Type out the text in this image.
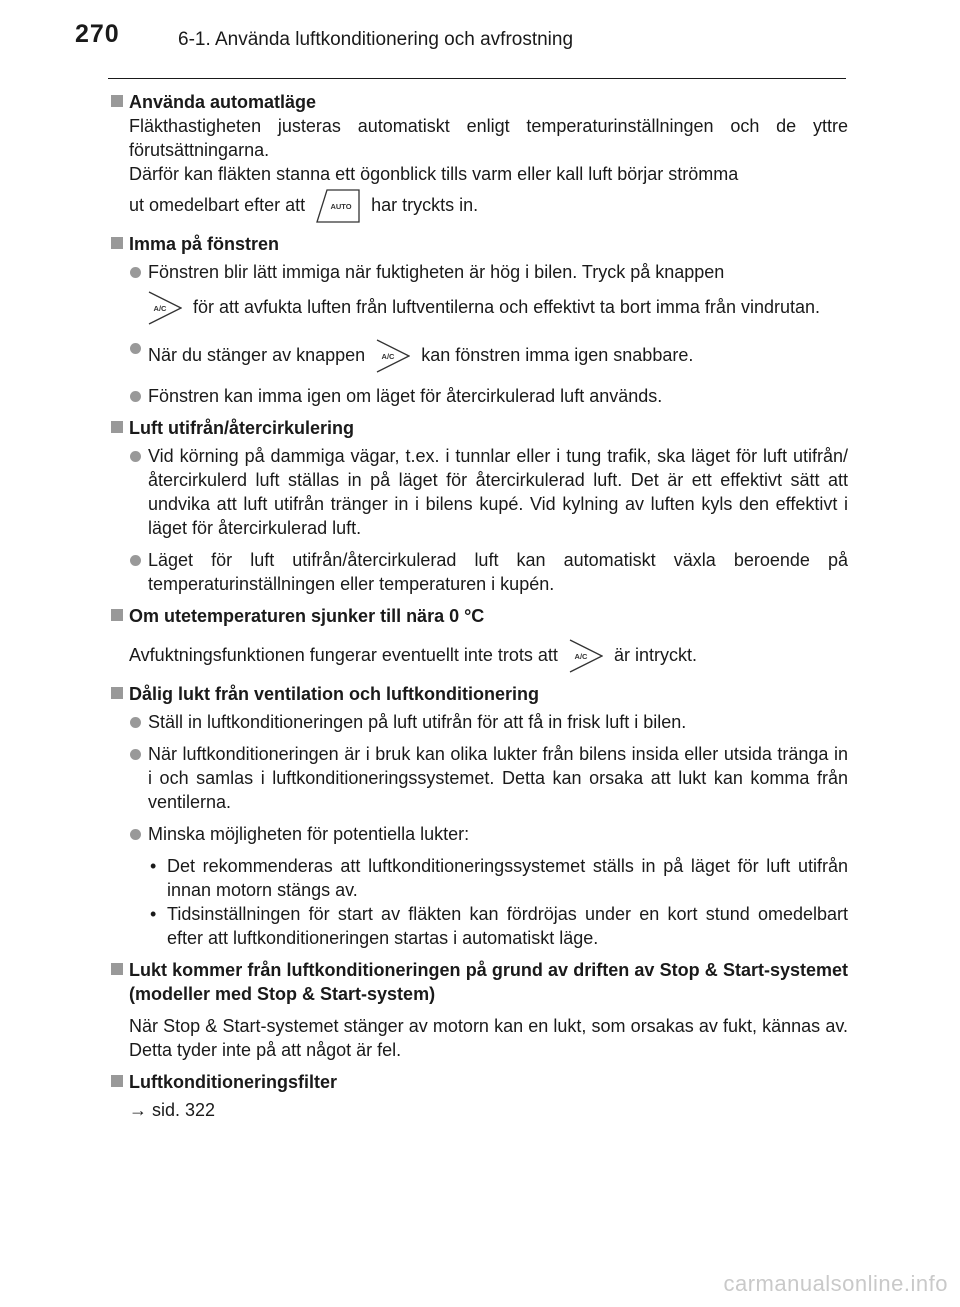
270	6-1. Använda luftkonditionering och avfrostning
Använda automatläge
Fläkthastigheten justeras automatiskt enligt temperaturinställningen och de yttre förutsättningarna.
Därför kan fläkten stanna ett ögonblick tills varm eller kall luft börjar strömma
ut omedelbart efter att	AUTO har tryckts in.
Imma på fönstren
Fönstren blir lätt immiga när fuktigheten är hög i bilen. Tryck på knappen
A/C för att avfukta luften från luftventilerna och effektivt ta bort imma från vindrutan.
När du stänger av knappen A/C kan fönstren imma igen snabbare.
Fönstren kan imma igen om läget för återcirkulerad luft används.
Luft utifrån/återcirkulering
Vid körning på dammiga vägar, t.ex. i tunnlar eller i tung trafik, ska läget för luft utifrån/återcirkulerd luft ställas in på läget för återcirkulerad luft. Det är ett effektivt sätt att undvika att luft utifrån tränger in i bilens kupé. Vid kylning av luften kyls den effektivt i läget för återcirkulerad luft.
Läget för luft utifrån/återcirkulerad luft kan automatiskt växla beroende på temperaturinställningen eller temperaturen i kupén.
Om utetemperaturen sjunker till nära 0 °C
Avfuktningsfunktionen fungerar eventuellt inte trots att A/C är intryckt.
Dålig lukt från ventilation och luftkonditionering
Ställ in luftkonditioneringen på luft utifrån för att få in frisk luft i bilen.
När luftkonditioneringen är i bruk kan olika lukter från bilens insida eller utsida tränga in i och samlas i luftkonditioneringssystemet. Detta kan orsaka att lukt kan komma från ventilerna.
Minska möjligheten för potentiella lukter:
• Det rekommenderas att luftkonditioneringssystemet ställs in på läget för luft utifrån innan motorn stängs av.
• Tidsinställningen för start av fläkten kan fördröjas under en kort stund omedelbart efter att luftkonditioneringen startas i automatiskt läge.
Lukt kommer från luftkonditioneringen på grund av driften av Stop & Start-systemet (modeller med Stop & Start-system)
När Stop & Start-systemet stänger av motorn kan en lukt, som orsakas av fukt, kännas av. Detta tyder inte på att något är fel.
Luftkonditioneringsfilter
→ sid. 322
carmanualsonline.info
